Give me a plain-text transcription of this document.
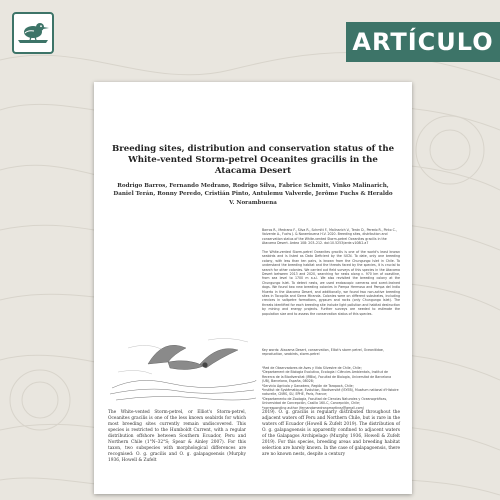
ARTÍCULO
Breeding sites, distribution and conservation status of the White-vented Storm-petrel Oceanites gracilis in the Atacama Desert
Rodrigo Barros, Fernando Medrano, Rodrigo Silva, Fabrice Schmitt, Vinko Malinarich, Daniel Terán, Ronny Peredo, Cristián Pinto, Antulemu Valverde, Jerôme Fuchs & Heraldo V. Norambuena
Barros R., Medrano F., Silva R., Schmitt F., Malinarich V., Terán D., Peredo R., Pinto C., Valverde A., Fuchs J. & Norambuena H.V. 2020. Breeding sites, distribution and conservation status of the White-vented Storm-petrel Oceanites gracilis in the Atacama Desert. Ardea 108: 203–212. doi:10.5253/arde.v108i2.a7
The White-vented Storm-petrel Oceanites gracilis is one of the world's least known seabirds and is listed as Data Deficient by the IUCN. To date, only one breeding colony, with less than ten pairs, is known from the Chungungo Islet in Chile. To understand the breeding habitat and the threats faced by the species, it is crucial to search for other colonies. We carried out field surveys of this species in the Atacama Desert between 2013 and 2020, searching for nests along c. 970 km of coastline, from sea level to 1700 m a.s.l. We also revisited the breeding colony at the Chungungo Islet. To detect nests, we used endoscopic cameras and scent-trained dogs. We found two new breeding colonies in Pampa Hermosa and Pampa del Indio Muerto in the Atacama Desert, and additionally, we found two non-active breeding sites in Tocopilla and Sierra Miranda. Colonies were on different substrates, including crevices in saltpetre formations, gypsum and rocks (only Chungungo Islet). The threats identified for each breeding site include light pollution and habitat destruction by mining and energy projects. Further surveys are needed to estimate the population size and to assess the conservation status of this species.
Key words: Atacama Desert, conservation, Elliot's storm petrel, Oceanitidae, reproduction, seabirds, storm-petrel

¹Red de Observadores de Aves y Vida Silvestre de Chile, Chile;

²Departament de Biologia Evolutiva, Ecologia i Ciències Ambientals, Institut de Recerca de la Biodiversitat (IRBio), Facultat de Biologia, Universitat de Barcelona (UB), Barcelona, España, 08028;

³Servicio Agrícola y Ganadero, Región de Tarapacá, Chile;

⁴Institut de Systématique, Evolution, Biodiversité (ISYEB), Muséum national d'Histoire naturelle, CNRS, SU, EPHE, Paris, France;

⁵Departamento de Zoología, Facultad de Ciencias Naturales y Oceanográficas, Universidad de Concepción, Casilla 160-C, Concepción, Chile;

*corresponding author (fernandomedranomartinez@gmail.com)

The White-vented Storm-petrel, or Elliot's Storm-petrel, Oceanites gracilis is one of the less known seabirds for which most breeding sites currently remain undiscovered. This species is restricted to the Humboldt Current, with a regular distribution offshore between Southern Ecuador, Peru and Northern Chile (1°N–32°S; Spear & Ainley 2007). For this taxon, two subspecies with morphological differences are recognised: O. g. gracilis and O. g. galapagoensis (Murphy 1936, Howell & Zufelt

2019). O. g. gracilis is regularly distributed throughout the adjacent waters off Peru and Northern Chile, but is rare in the waters off Ecuador (Howell & Zufelt 2019). The distribution of O. g. galapagoensis is apparently confined to adjacent waters of the Galapagos Archipelago (Murphy 1936, Howell & Zufelt 2019). For this species, breeding areas and breeding habitat selection are barely known. In the case of galapagoensis, there are no known nests, despite a century
